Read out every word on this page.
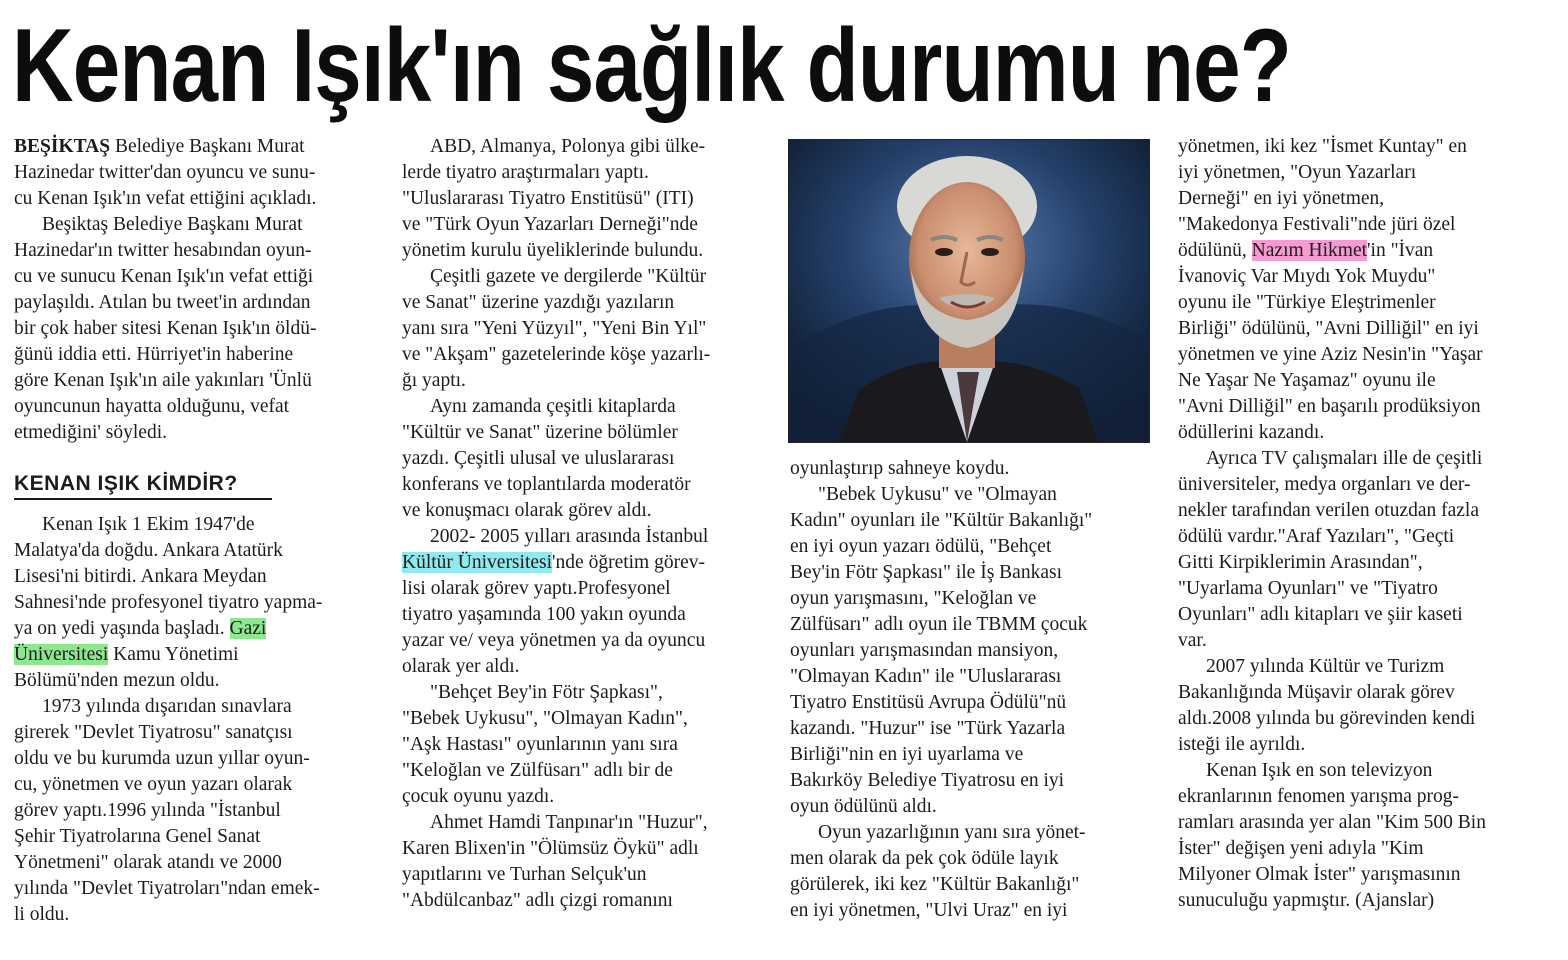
Kenan Işık'ın sağlık durumu ne?

BEŞİKTAŞ Belediye Başkanı Murat

Hazinedar twitter'dan oyuncu ve sunu-

cu Kenan Işık'ın vefat ettiğini açıkladı.

Beşiktaş Belediye Başkanı Murat

Hazinedar'ın twitter hesabından oyun-

cu ve sunucu Kenan Işık'ın vefat ettiği

paylaşıldı. Atılan bu tweet'in ardından

bir çok haber sitesi Kenan Işık'ın öldü-

ğünü iddia etti. Hürriyet'in haberine

göre Kenan Işık'ın aile yakınları 'Ünlü

oyuncunun hayatta olduğunu, vefat

etmediğini' söyledi.

KENAN IŞIK KİMDİR?

Kenan Işık 1 Ekim 1947'de

Malatya'da doğdu. Ankara Atatürk

Lisesi'ni bitirdi. Ankara Meydan

Sahnesi'nde profesyonel tiyatro yapma-

ya on yedi yaşında başladı. Gazi

Üniversitesi Kamu Yönetimi

Bölümü'nden mezun oldu.

1973 yılında dışarıdan sınavlara

girerek "Devlet Tiyatrosu" sanatçısı

oldu ve bu kurumda uzun yıllar oyun-

cu, yönetmen ve oyun yazarı olarak

görev yaptı.1996 yılında "İstanbul

Şehir Tiyatrolarına Genel Sanat

Yönetmeni" olarak atandı ve 2000

yılında "Devlet Tiyatroları"ndan emek-

li oldu.

ABD, Almanya, Polonya gibi ülke-

lerde tiyatro araştırmaları yaptı.

"Uluslararası Tiyatro Enstitüsü" (ITI)

ve "Türk Oyun Yazarları Derneği"nde

yönetim kurulu üyeliklerinde bulundu.

Çeşitli gazete ve dergilerde "Kültür

ve Sanat" üzerine yazdığı yazıların

yanı sıra "Yeni Yüzyıl", "Yeni Bin Yıl"

ve "Akşam" gazetelerinde köşe yazarlı-

ğı yaptı.

Aynı zamanda çeşitli kitaplarda

"Kültür ve Sanat" üzerine bölümler

yazdı. Çeşitli ulusal ve uluslararası

konferans ve toplantılarda moderatör

ve konuşmacı olarak görev aldı.

2002- 2005 yılları arasında İstanbul

Kültür Üniversitesi'nde öğretim görev-

lisi olarak görev yaptı.Profesyonel

tiyatro yaşamında 100 yakın oyunda

yazar ve/ veya yönetmen ya da oyuncu

olarak yer aldı.

"Behçet Bey'in Fötr Şapkası",

"Bebek Uykusu", "Olmayan Kadın",

"Aşk Hastası" oyunlarının yanı sıra

"Keloğlan ve Zülfüsarı" adlı bir de

çocuk oyunu yazdı.

Ahmet Hamdi Tanpınar'ın "Huzur",

Karen Blixen'in "Ölümsüz Öykü" adlı

yapıtlarını ve Turhan Selçuk'un

"Abdülcanbaz" adlı çizgi romanını

oyunlaştırıp sahneye koydu.

"Bebek Uykusu" ve "Olmayan

Kadın" oyunları ile "Kültür Bakanlığı"

en iyi oyun yazarı ödülü, "Behçet

Bey'in Fötr Şapkası" ile İş Bankası

oyun yarışmasını, "Keloğlan ve

Zülfüsarı" adlı oyun ile TBMM çocuk

oyunları yarışmasından mansiyon,

"Olmayan Kadın" ile "Uluslararası

Tiyatro Enstitüsü Avrupa Ödülü"nü

kazandı. "Huzur" ise "Türk Yazarla

Birliği"nin en iyi uyarlama ve

Bakırköy Belediye Tiyatrosu en iyi

oyun ödülünü aldı.

Oyun yazarlığının yanı sıra yönet-

men olarak da pek çok ödüle layık

görülerek, iki kez "Kültür Bakanlığı"

en iyi yönetmen, "Ulvi Uraz" en iyi

yönetmen, iki kez "İsmet Kuntay" en

iyi yönetmen, "Oyun Yazarları

Derneği" en iyi yönetmen,

"Makedonya Festivali"nde jüri özel

ödülünü, Nazım Hikmet'in "İvan

İvanoviç Var Mıydı Yok Muydu"

oyunu ile "Türkiye Eleştrimenler

Birliği" ödülünü, "Avni Dilliğil" en iyi

yönetmen ve yine Aziz Nesin'in "Yaşar

Ne Yaşar Ne Yaşamaz" oyunu ile

"Avni Dilliğil" en başarılı prodüksiyon

ödüllerini kazandı.

Ayrıca TV çalışmaları ille de çeşitli

üniversiteler, medya organları ve der-

nekler tarafından verilen otuzdan fazla

ödülü vardır."Araf Yazıları", "Geçti

Gitti Kirpiklerimin Arasından",

"Uyarlama Oyunları" ve "Tiyatro

Oyunları" adlı kitapları ve şiir kaseti

var.

2007 yılında Kültür ve Turizm

Bakanlığında Müşavir olarak görev

aldı.2008 yılında bu görevinden kendi

isteği ile ayrıldı.

Kenan Işık en son televizyon

ekranlarının fenomen yarışma prog-

ramları arasında yer alan "Kim 500 Bin

İster" değişen yeni adıyla "Kim

Milyoner Olmak İster" yarışmasının

sunuculuğu yapmıştır. (Ajanslar)
